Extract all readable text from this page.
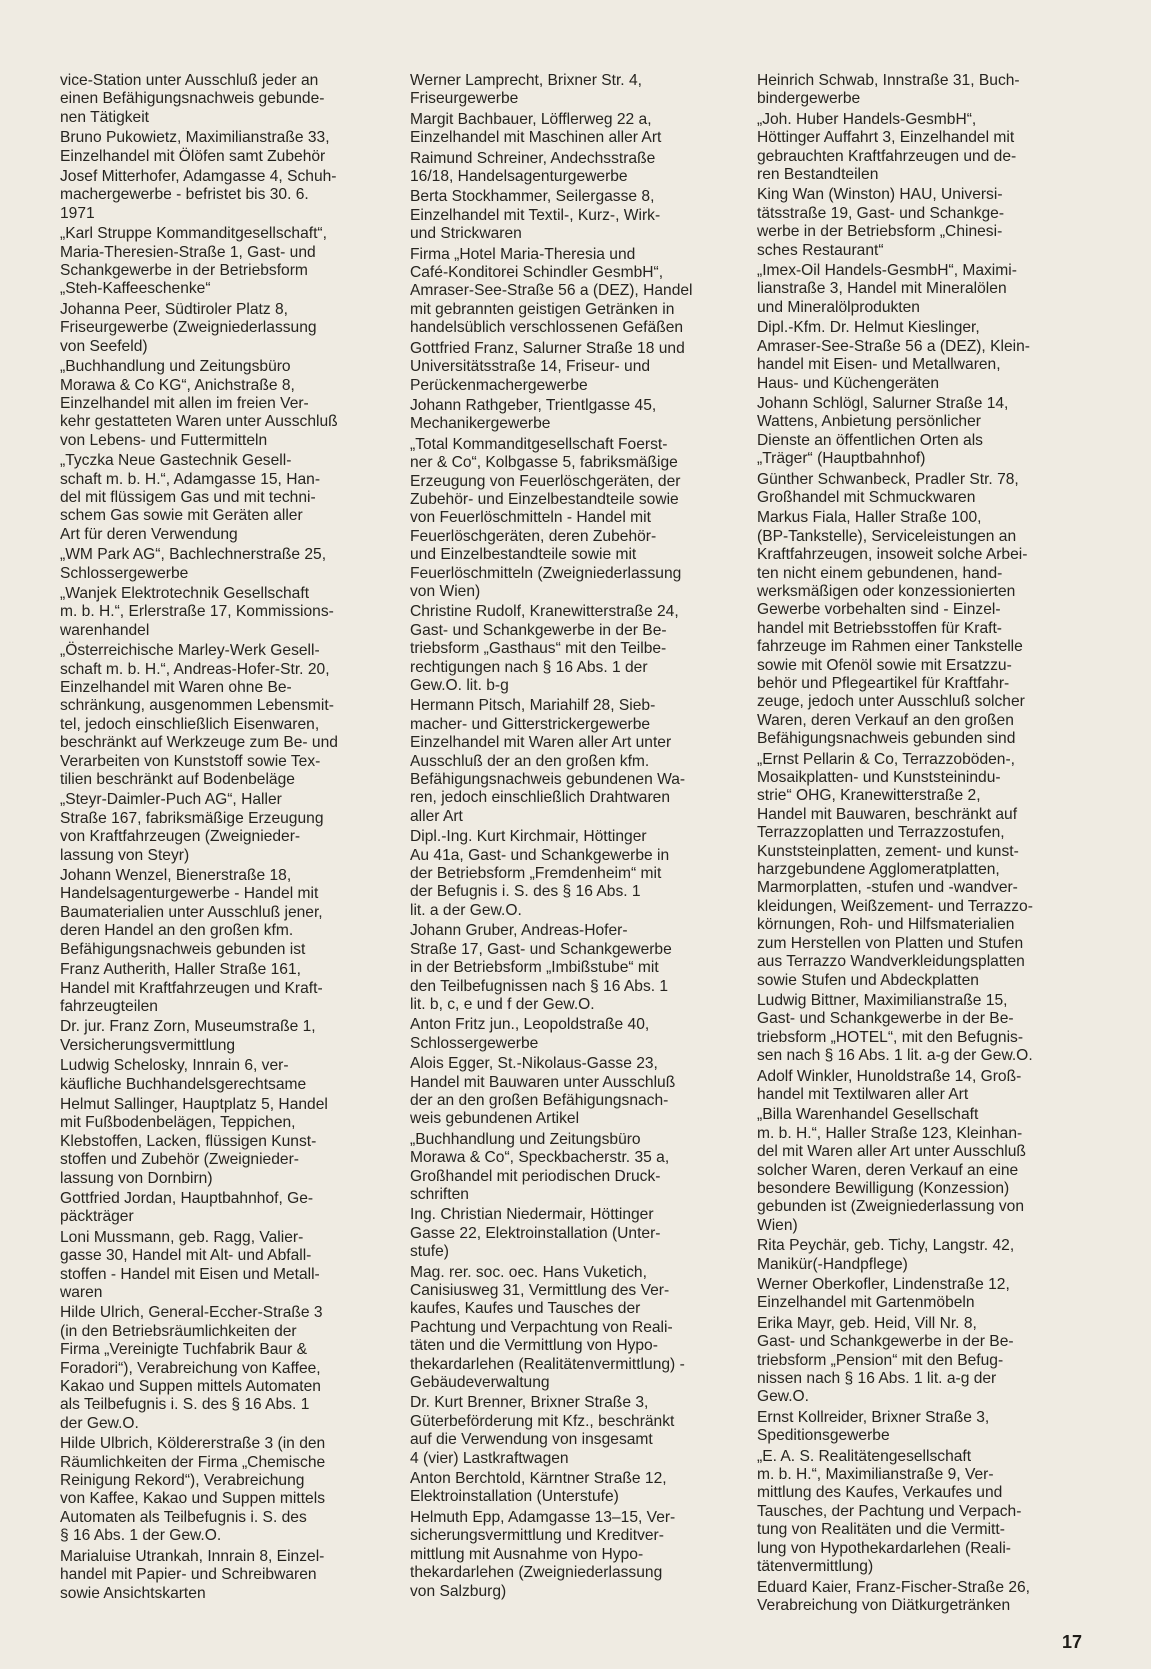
vice-Station unter Ausschluß jeder an
einen Befähigungsnachweis gebunde-
nen Tätigkeit
Bruno Pukowietz, Maximilianstraße 33,
Einzelhandel mit Ölöfen samt Zubehör
Josef Mitterhofer, Adamgasse 4, Schuh-
machergewerbe - befristet bis 30. 6.
1971
„Karl Struppe Kommanditgesellschaft“,
Maria-Theresien-Straße 1, Gast- und
Schankgewerbe in der Betriebsform
„Steh-Kaffeeschenke“
Johanna Peer, Südtiroler Platz 8,
Friseurgewerbe (Zweigniederlassung
von Seefeld)
„Buchhandlung und Zeitungsbüro
Morawa & Co KG“, Anichstraße 8,
Einzelhandel mit allen im freien Ver-
kehr gestatteten Waren unter Ausschluß
von Lebens- und Futtermitteln
„Tyczka Neue Gastechnik Gesell-
schaft m. b. H.“, Adamgasse 15, Han-
del mit flüssigem Gas und mit techni-
schem Gas sowie mit Geräten aller
Art für deren Verwendung
„WM Park AG“, Bachlechnerstraße 25,
Schlossergewerbe
„Wanjek Elektrotechnik Gesellschaft
m. b. H.“, Erlerstraße 17, Kommissions-
warenhandel
„Österreichische Marley-Werk Gesell-
schaft m. b. H.“, Andreas-Hofer-Str. 20,
Einzelhandel mit Waren ohne Be-
schränkung, ausgenommen Lebensmit-
tel, jedoch einschließlich Eisenwaren,
beschränkt auf Werkzeuge zum Be- und
Verarbeiten von Kunststoff sowie Tex-
tilien beschränkt auf Bodenbeläge
„Steyr-Daimler-Puch AG“, Haller
Straße 167, fabriksmäßige Erzeugung
von Kraftfahrzeugen (Zweignieder-
lassung von Steyr)
Johann Wenzel, Bienerstraße 18,
Handelsagenturgewerbe - Handel mit
Baumaterialien unter Ausschluß jener,
deren Handel an den großen kfm.
Befähigungsnachweis gebunden ist
Franz Autherith, Haller Straße 161,
Handel mit Kraftfahrzeugen und Kraft-
fahrzeugteilen
Dr. jur. Franz Zorn, Museumstraße 1,
Versicherungsvermittlung
Ludwig Schelosky, Innrain 6, ver-
käufliche Buchhandelsgerechtsame
Helmut Sallinger, Hauptplatz 5, Handel
mit Fußbodenbelägen, Teppichen,
Klebstoffen, Lacken, flüssigen Kunst-
stoffen und Zubehör (Zweignieder-
lassung von Dornbirn)
Gottfried Jordan, Hauptbahnhof, Ge-
päckträger
Loni Mussmann, geb. Ragg, Valier-
gasse 30, Handel mit Alt- und Abfall-
stoffen - Handel mit Eisen und Metall-
waren
Hilde Ulrich, General-Eccher-Straße 3
(in den Betriebsräumlichkeiten der
Firma „Vereinigte Tuchfabrik Baur &
Foradori“), Verabreichung von Kaffee,
Kakao und Suppen mittels Automaten
als Teilbefugnis i. S. des § 16 Abs. 1
der Gew.O.
Hilde Ulbrich, Köldererstraße 3 (in den
Räumlichkeiten der Firma „Chemische
Reinigung Rekord“), Verabreichung
von Kaffee, Kakao und Suppen mittels
Automaten als Teilbefugnis i. S. des
§ 16 Abs. 1 der Gew.O.
Marialuise Utrankah, Innrain 8, Einzel-
handel mit Papier- und Schreibwaren
sowie Ansichtskarten
Werner Lamprecht, Brixner Str. 4,
Friseurgewerbe
Margit Bachbauer, Löfflerweg 22 a,
Einzelhandel mit Maschinen aller Art
Raimund Schreiner, Andechsstraße
16/18, Handelsagenturgewerbe
Berta Stockhammer, Seilergasse 8,
Einzelhandel mit Textil-, Kurz-, Wirk-
und Strickwaren
Firma „Hotel Maria-Theresia und
Café-Konditorei Schindler GesmbH“,
Amraser-See-Straße 56 a (DEZ), Handel
mit gebrannten geistigen Getränken in
handelsüblich verschlossenen Gefäßen
Gottfried Franz, Salurner Straße 18 und
Universitätsstraße 14, Friseur- und
Perückenmachergewerbe
Johann Rathgeber, Trientlgasse 45,
Mechanikergewerbe
„Total Kommanditgesellschaft Foerst-
ner & Co“, Kolbgasse 5, fabriksmäßige
Erzeugung von Feuerlöschgeräten, der
Zubehör- und Einzelbestandteile sowie
von Feuerlöschmitteln - Handel mit
Feuerlöschgeräten, deren Zubehör-
und Einzelbestandteile sowie mit
Feuerlöschmitteln (Zweigniederlassung
von Wien)
Christine Rudolf, Kranewitterstraße 24,
Gast- und Schankgewerbe in der Be-
triebsform „Gasthaus“ mit den Teilbe-
rechtigungen nach § 16 Abs. 1 der
Gew.O. lit. b-g
Hermann Pitsch, Mariahilf 28, Sieb-
macher- und Gitterstrickergewerbe
Einzelhandel mit Waren aller Art unter
Ausschluß der an den großen kfm.
Befähigungsnachweis gebundenen Wa-
ren, jedoch einschließlich Drahtwaren
aller Art
Dipl.-Ing. Kurt Kirchmair, Höttinger
Au 41a, Gast- und Schankgewerbe in
der Betriebsform „Fremdenheim“ mit
der Befugnis i. S. des § 16 Abs. 1
lit. a der Gew.O.
Johann Gruber, Andreas-Hofer-
Straße 17, Gast- und Schankgewerbe
in der Betriebsform „Imbißstube“ mit
den Teilbefugnissen nach § 16 Abs. 1
lit. b, c, e und f der Gew.O.
Anton Fritz jun., Leopoldstraße 40,
Schlossergewerbe
Alois Egger, St.-Nikolaus-Gasse 23,
Handel mit Bauwaren unter Ausschluß
der an den großen Befähigungsnach-
weis gebundenen Artikel
„Buchhandlung und Zeitungsbüro
Morawa & Co“, Speckbacherstr. 35 a,
Großhandel mit periodischen Druck-
schriften
Ing. Christian Niedermair, Höttinger
Gasse 22, Elektroinstallation (Unter-
stufe)
Mag. rer. soc. oec. Hans Vuketich,
Canisiusweg 31, Vermittlung des Ver-
kaufes, Kaufes und Tausches der
Pachtung und Verpachtung von Reali-
täten und die Vermittlung von Hypo-
thekardarlehen (Realitätenvermittlung) -
Gebäudeverwaltung
Dr. Kurt Brenner, Brixner Straße 3,
Güterbeförderung mit Kfz., beschränkt
auf die Verwendung von insgesamt
4 (vier) Lastkraftwagen
Anton Berchtold, Kärntner Straße 12,
Elektroinstallation (Unterstufe)
Helmuth Epp, Adamgasse 13–15, Ver-
sicherungsvermittlung und Kreditver-
mittlung mit Ausnahme von Hypo-
thekardarlehen (Zweigniederlassung
von Salzburg)
Heinrich Schwab, Innstraße 31, Buch-
bindergewerbe
„Joh. Huber Handels-GesmbH“,
Höttinger Auffahrt 3, Einzelhandel mit
gebrauchten Kraftfahrzeugen und de-
ren Bestandteilen
King Wan (Winston) HAU, Universi-
tätsstraße 19, Gast- und Schankge-
werbe in der Betriebsform „Chinesi-
sches Restaurant“
„Imex-Oil Handels-GesmbH“, Maximi-
lianstraße 3, Handel mit Mineralölen
und Mineralölprodukten
Dipl.-Kfm. Dr. Helmut Kieslinger,
Amraser-See-Straße 56 a (DEZ), Klein-
handel mit Eisen- und Metallwaren,
Haus- und Küchengeräten
Johann Schlögl, Salurner Straße 14,
Wattens, Anbietung persönlicher
Dienste an öffentlichen Orten als
„Träger“ (Hauptbahnhof)
Günther Schwanbeck, Pradler Str. 78,
Großhandel mit Schmuckwaren
Markus Fiala, Haller Straße 100,
(BP-Tankstelle), Serviceleistungen an
Kraftfahrzeugen, insoweit solche Arbei-
ten nicht einem gebundenen, hand-
werksmäßigen oder konzessionierten
Gewerbe vorbehalten sind - Einzel-
handel mit Betriebsstoffen für Kraft-
fahrzeuge im Rahmen einer Tankstelle
sowie mit Ofenöl sowie mit Ersatzzu-
behör und Pflegeartikel für Kraftfahr-
zeuge, jedoch unter Ausschluß solcher
Waren, deren Verkauf an den großen
Befähigungsnachweis gebunden sind
„Ernst Pellarin & Co, Terrazzoböden-,
Mosaikplatten- und Kunststeinindu-
strie“ OHG, Kranewitterstraße 2,
Handel mit Bauwaren, beschränkt auf
Terrazzoplatten und Terrazzostufen,
Kunststeinplatten, zement- und kunst-
harzgebundene Agglomeratplatten,
Marmorplatten, -stufen und -wandver-
kleidungen, Weißzement- und Terrazzo-
körnungen, Roh- und Hilfsmaterialien
zum Herstellen von Platten und Stufen
aus Terrazzo Wandverkleidungsplatten
sowie Stufen und Abdeckplatten
Ludwig Bittner, Maximilianstraße 15,
Gast- und Schankgewerbe in der Be-
triebsform „HOTEL“, mit den Befugnis-
sen nach § 16 Abs. 1 lit. a-g der Gew.O.
Adolf Winkler, Hunoldstraße 14, Groß-
handel mit Textilwaren aller Art
„Billa Warenhandel Gesellschaft
m. b. H.“, Haller Straße 123, Kleinhan-
del mit Waren aller Art unter Ausschluß
solcher Waren, deren Verkauf an eine
besondere Bewilligung (Konzession)
gebunden ist (Zweigniederlassung von
Wien)
Rita Peychär, geb. Tichy, Langstr. 42,
Manikür(-Handpflege)
Werner Oberkofler, Lindenstraße 12,
Einzelhandel mit Gartenmöbeln
Erika Mayr, geb. Heid, Vill Nr. 8,
Gast- und Schankgewerbe in der Be-
triebsform „Pension“ mit den Befug-
nissen nach § 16 Abs. 1 lit. a-g der
Gew.O.
Ernst Kollreider, Brixner Straße 3,
Speditionsgewerbe
„E. A. S. Realitätengesellschaft
m. b. H.“, Maximilianstraße 9, Ver-
mittlung des Kaufes, Verkaufes und
Tausches, der Pachtung und Verpach-
tung von Realitäten und die Vermitt-
lung von Hypothekardarlehen (Reali-
tätenvermittlung)
Eduard Kaier, Franz-Fischer-Straße 26,
Verabreichung von Diätkurgetränken
17
